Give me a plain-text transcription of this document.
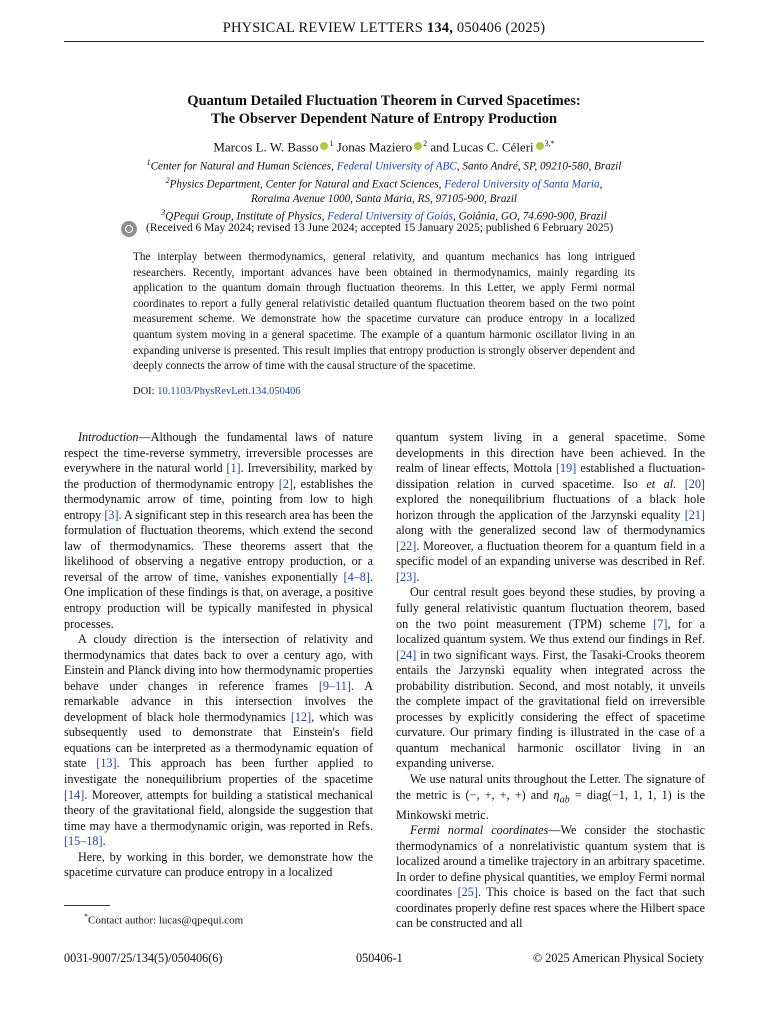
PHYSICAL REVIEW LETTERS 134, 050406 (2025)
Quantum Detailed Fluctuation Theorem in Curved Spacetimes:
The Observer Dependent Nature of Entropy Production
Marcos L. W. Basso $^1$ Jonas Maziero $^2$ and Lucas C. Céleri $^{3,*}$
$^1$Center for Natural and Human Sciences, Federal University of ABC, Santo André, SP, 09210-580, Brazil
$^2$Physics Department, Center for Natural and Exact Sciences, Federal University of Santa Maria,
Roraima Avenue 1000, Santa Maria, RS, 97105-900, Brazil
$^3$QPequi Group, Institute of Physics, Federal University of Goiás, Goiânia, GO, 74.690-900, Brazil
(Received 6 May 2024; revised 13 June 2024; accepted 15 January 2025; published 6 February 2025)
The interplay between thermodynamics, general relativity, and quantum mechanics has long intrigued researchers. Recently, important advances have been obtained in thermodynamics, mainly regarding its application to the quantum domain through fluctuation theorems. In this Letter, we apply Fermi normal coordinates to report a fully general relativistic detailed quantum fluctuation theorem based on the two point measurement scheme. We demonstrate how the spacetime curvature can produce entropy in a localized quantum system moving in a general spacetime. The example of a quantum harmonic oscillator living in an expanding universe is presented. This result implies that entropy production is strongly observer dependent and deeply connects the arrow of time with the causal structure of the spacetime.
DOI: 10.1103/PhysRevLett.134.050406

Introduction—Although the fundamental laws of nature respect the time-reverse symmetry, irreversible processes are everywhere in the natural world [1]. Irreversibility, marked by the production of thermodynamic entropy [2], establishes the thermodynamic arrow of time, pointing from low to high entropy [3]. A significant step in this research area has been the formulation of fluctuation theorems, which extend the second law of thermodynamics. These theorems assert that the likelihood of observing a negative entropy production, or a reversal of the arrow of time, vanishes exponentially [4–8]. One implication of these findings is that, on average, a positive entropy production will be typically manifested in physical processes.

A cloudy direction is the intersection of relativity and thermodynamics that dates back to over a century ago, with Einstein and Planck diving into how thermodynamic properties behave under changes in reference frames [9–11]. A remarkable advance in this intersection involves the development of black hole thermodynamics [12], which was subsequently used to demonstrate that Einstein's field equations can be interpreted as a thermodynamic equation of state [13]. This approach has been further applied to investigate the nonequilibrium properties of the spacetime [14]. Moreover, attempts for building a statistical mechanical theory of the gravitational field, alongside the suggestion that time may have a thermodynamic origin, was reported in Refs. [15–18].

Here, by working in this border, we demonstrate how the spacetime curvature can produce entropy in a localized

quantum system living in a general spacetime. Some developments in this direction have been achieved. In the realm of linear effects, Mottola [19] established a fluctuation-dissipation relation in curved spacetime. Iso et al. [20] explored the nonequilibrium fluctuations of a black hole horizon through the application of the Jarzynski equality [21] along with the generalized second law of thermodynamics [22]. Moreover, a fluctuation theorem for a quantum field in a specific model of an expanding universe was described in Ref. [23].

Our central result goes beyond these studies, by proving a fully general relativistic quantum fluctuation theorem, based on the two point measurement (TPM) scheme [7], for a localized quantum system. We thus extend our findings in Ref. [24] in two significant ways. First, the Tasaki-Crooks theorem entails the Jarzynski equality when integrated across the probability distribution. Second, and most notably, it unveils the complete impact of the gravitational field on irreversible processes by explicitly considering the effect of spacetime curvature. Our primary finding is illustrated in the case of a quantum mechanical harmonic oscillator living in an expanding universe.

We use natural units throughout the Letter. The signature of the metric is (−, +, +, +) and $\eta_{ab}$ = diag(−1, 1, 1, 1) is the Minkowski metric.

Fermi normal coordinates—We consider the stochastic thermodynamics of a nonrelativistic quantum system that is localized around a timelike trajectory in an arbitrary spacetime. In order to define physical quantities, we employ Fermi normal coordinates [25]. This choice is based on the fact that such coordinates properly define rest spaces where the Hilbert space can be constructed and all

*Contact author: lucas@qpequi.com
0031-9007/25/134(5)/050406(6)	050406-1	© 2025 American Physical Society
